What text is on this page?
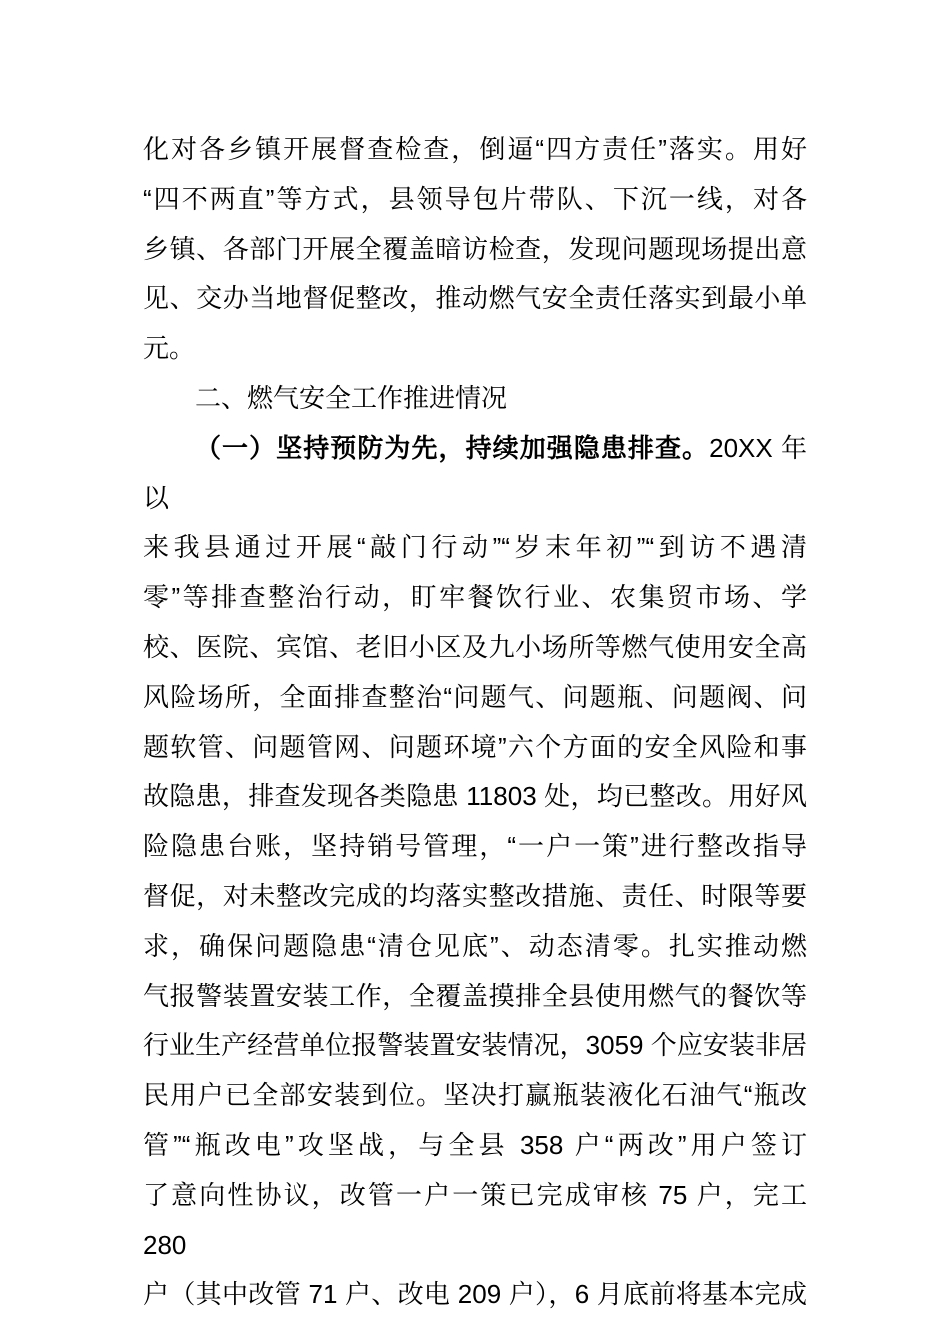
化对各乡镇开展督查检查，倒逼“四方责任”落实。用好
“四不两直”等方式，县领导包片带队、下沉一线，对各
乡镇、各部门开展全覆盖暗访检查，发现问题现场提出意
见、交办当地督促整改，推动燃气安全责任落实到最小单
元。
二、燃气安全工作推进情况
（一）坚持预防为先，持续加强隐患排查。20XX 年以
来我县通过开展“敲门行动”“岁末年初”“到访不遇清
零”等排查整治行动，盯牢餐饮行业、农集贸市场、学
校、医院、宾馆、老旧小区及九小场所等燃气使用安全高
风险场所，全面排查整治“问题气、问题瓶、问题阀、问
题软管、问题管网、问题环境”六个方面的安全风险和事
故隐患，排查发现各类隐患 11803 处，均已整改。用好风
险隐患台账，坚持销号管理，“一户一策”进行整改指导
督促，对未整改完成的均落实整改措施、责任、时限等要
求，确保问题隐患“清仓见底”、动态清零。扎实推动燃
气报警装置安装工作，全覆盖摸排全县使用燃气的餐饮等
行业生产经营单位报警装置安装情况，3059 个应安装非居
民用户已全部安装到位。坚决打赢瓶装液化石油气“瓶改
管”“瓶改电”攻坚战，与全县 358 户“两改”用户签订
了意向性协议，改管一户一策已完成审核 75 户，完工 280
户（其中改管 71 户、改电 209 户），6 月底前将基本完成
